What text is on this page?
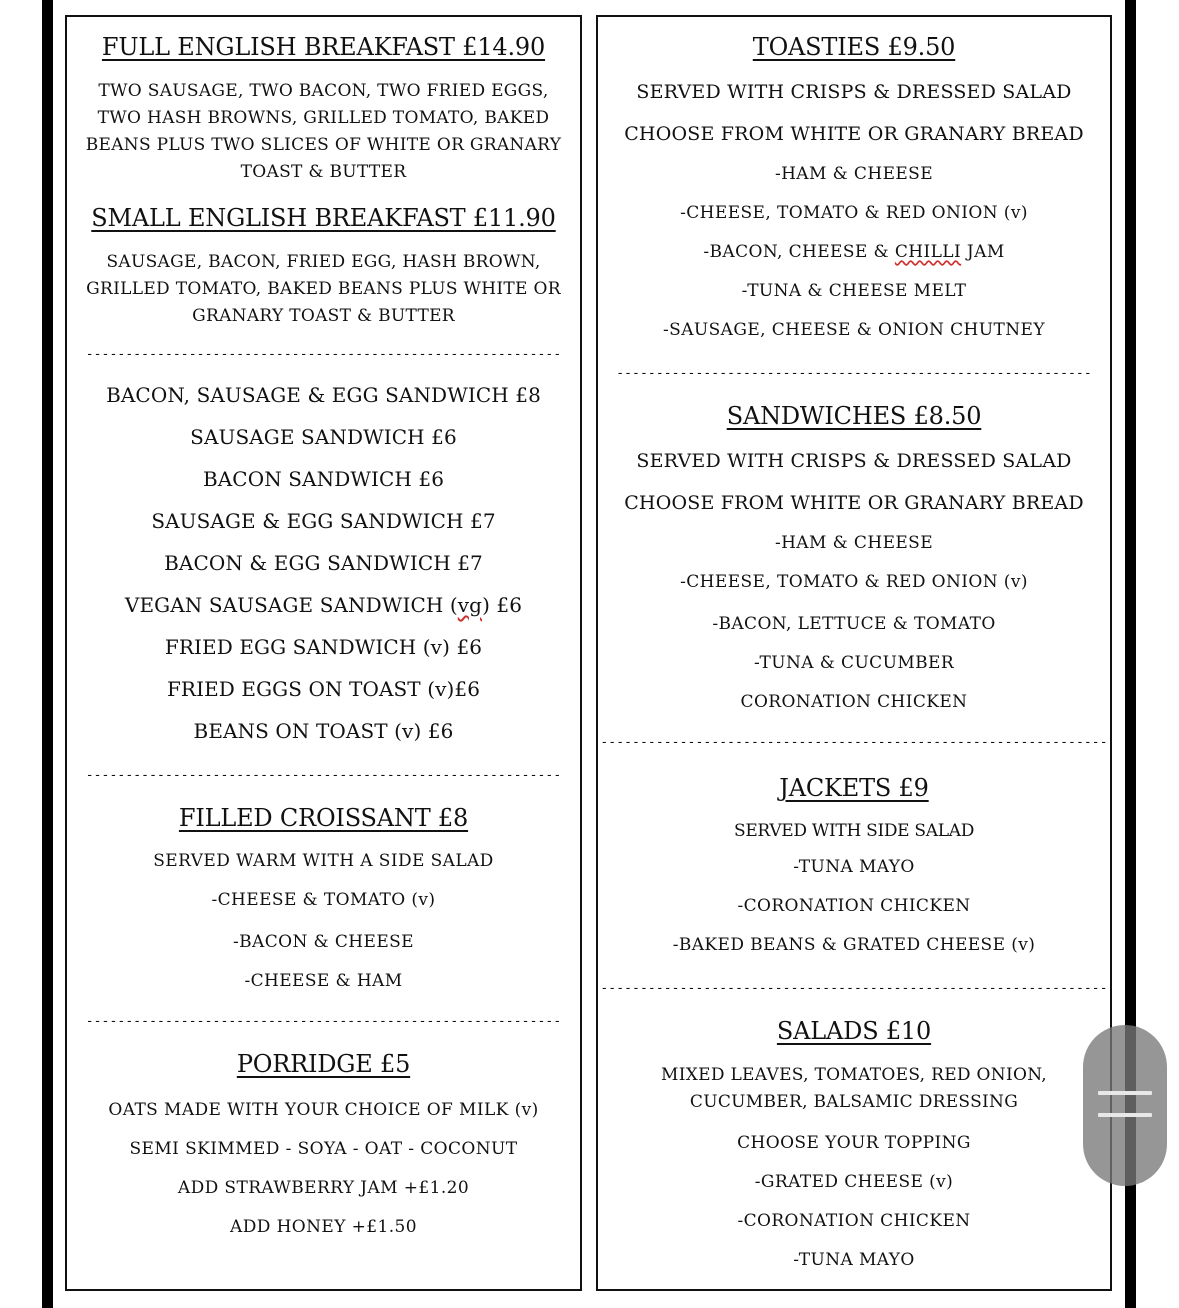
FULL ENGLISH BREAKFAST £14.90
TWO SAUSAGE, TWO BACON, TWO FRIED EGGS, TWO HASH BROWNS, GRILLED TOMATO, BAKED BEANS PLUS TWO SLICES OF WHITE OR GRANARY TOAST & BUTTER
SMALL ENGLISH BREAKFAST £11.90
SAUSAGE, BACON, FRIED EGG, HASH BROWN, GRILLED TOMATO, BAKED BEANS PLUS WHITE OR GRANARY TOAST & BUTTER
------------------------------------------------------------
BACON, SAUSAGE & EGG SANDWICH £8
SAUSAGE SANDWICH £6
BACON SANDWICH £6
SAUSAGE & EGG SANDWICH £7
BACON & EGG SANDWICH £7
VEGAN SAUSAGE SANDWICH (vg) £6
FRIED EGG SANDWICH (v) £6
FRIED EGGS ON TOAST (v)£6
BEANS ON TOAST (v) £6
------------------------------------------------------------
FILLED CROISSANT £8
SERVED WARM WITH A SIDE SALAD
-CHEESE & TOMATO (v)
-BACON & CHEESE
-CHEESE & HAM
------------------------------------------------------------
PORRIDGE £5
OATS MADE WITH YOUR CHOICE OF MILK (v)
SEMI SKIMMED - SOYA - OAT - COCONUT
ADD STRAWBERRY JAM +£1.20
ADD HONEY +£1.50
TOASTIES £9.50
SERVED WITH CRISPS & DRESSED SALAD
CHOOSE FROM WHITE OR GRANARY BREAD
-HAM & CHEESE
-CHEESE, TOMATO & RED ONION (v)
-BACON, CHEESE & CHILLI JAM
-TUNA & CHEESE MELT
-SAUSAGE, CHEESE & ONION CHUTNEY
------------------------------------------------------------
SANDWICHES £8.50
SERVED WITH CRISPS & DRESSED SALAD
CHOOSE FROM WHITE OR GRANARY BREAD
-HAM & CHEESE
-CHEESE, TOMATO & RED ONION (v)
-BACON, LETTUCE & TOMATO
-TUNA & CUCUMBER
CORONATION CHICKEN
----------------------------------------------------------------
JACKETS £9
SERVED WITH SIDE SALAD
-TUNA MAYO
-CORONATION CHICKEN
-BAKED BEANS & GRATED CHEESE (v)
----------------------------------------------------------------
SALADS £10
MIXED LEAVES, TOMATOES, RED ONION, CUCUMBER, BALSAMIC DRESSING
CHOOSE YOUR TOPPING
-GRATED CHEESE (v)
-CORONATION CHICKEN
-TUNA MAYO
